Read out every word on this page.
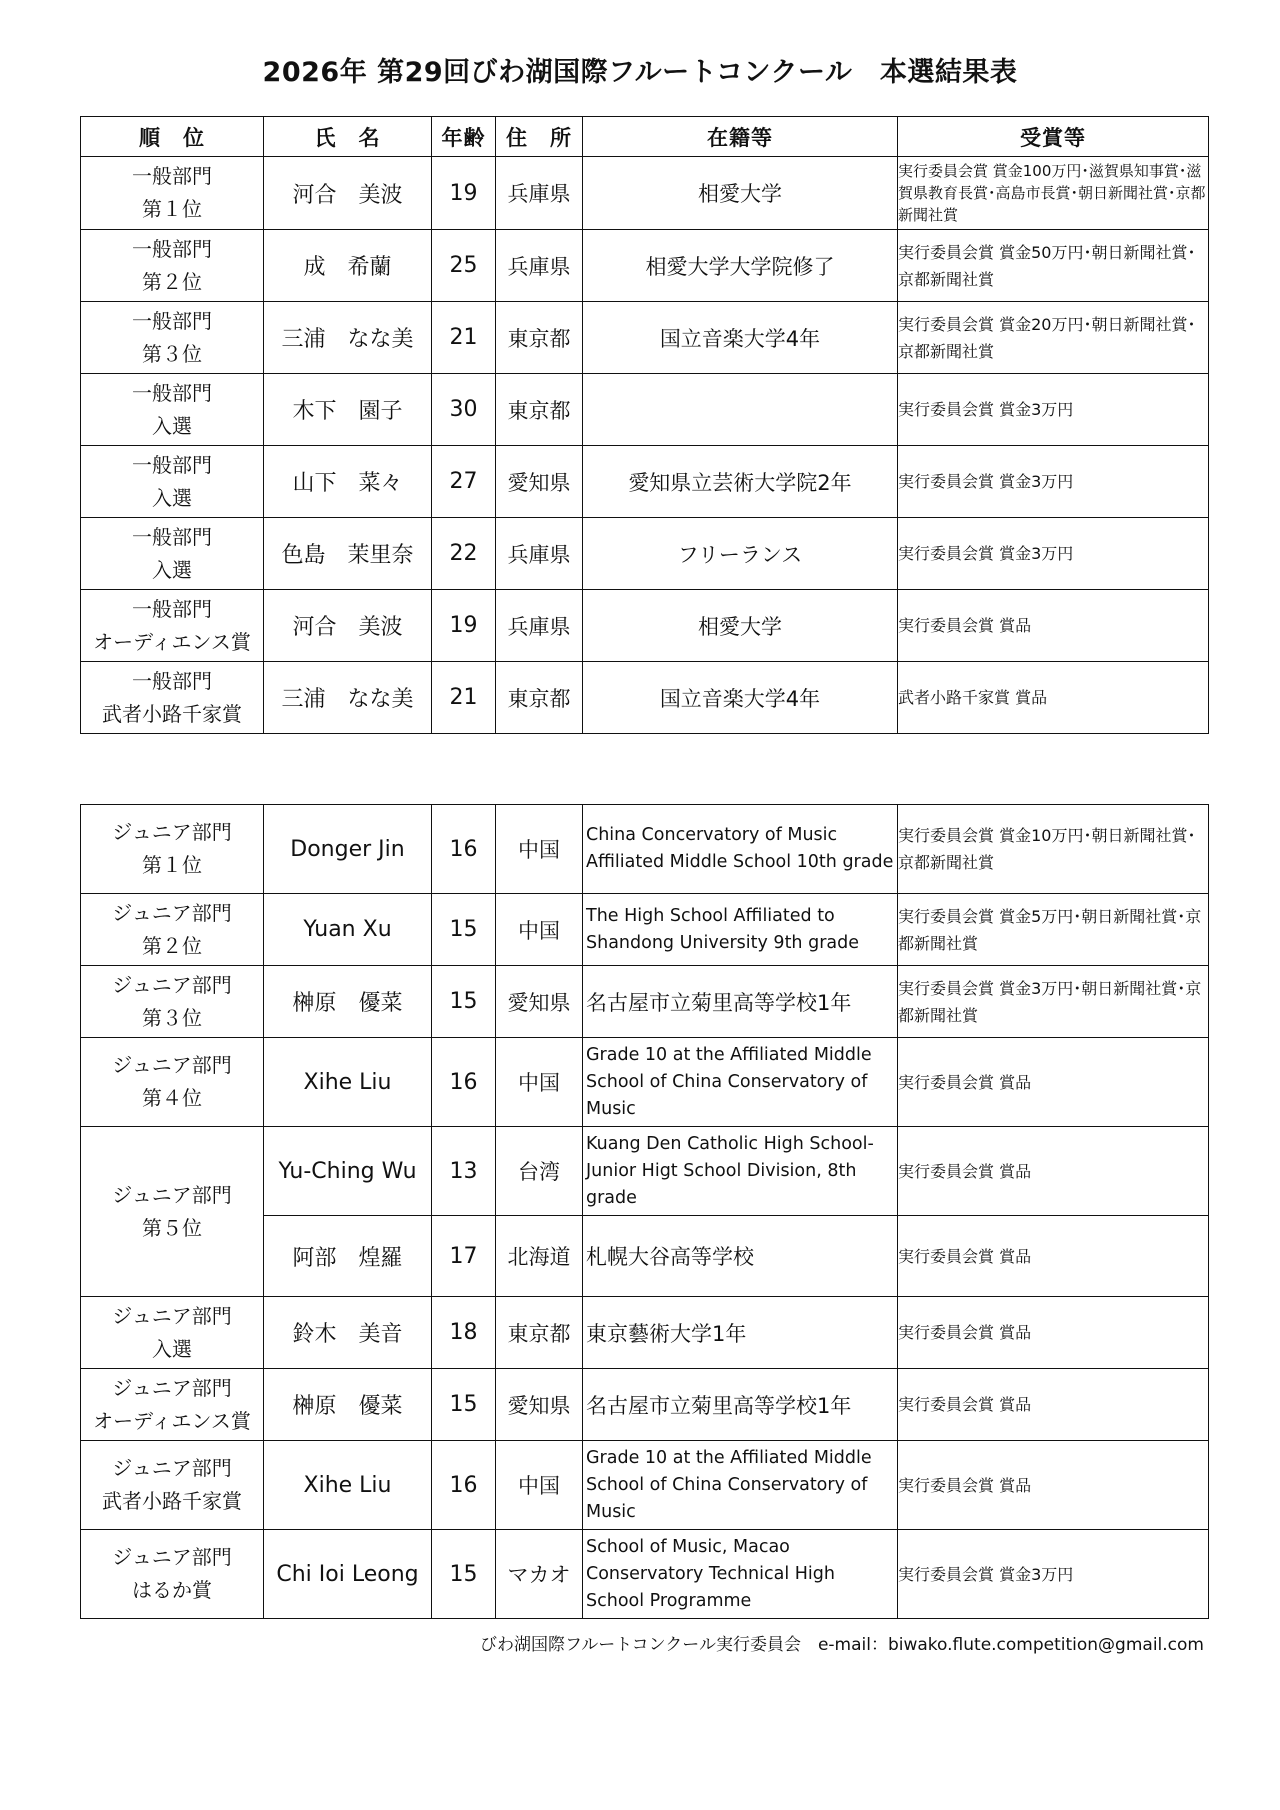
2026年 第29回びわ湖国際フルートコンクール　本選結果表
順　位	氏　名	年齢	住　所	在籍等	受賞等

一般部門
第１位	河合　美波	19	兵庫県	相愛大学	実行委員会賞 賞金100万円･滋賀県知事賞･滋賀県教育長賞･高島市長賞･朝日新聞社賞･京都新聞社賞

一般部門
第２位	成　希蘭	25	兵庫県	相愛大学大学院修了	実行委員会賞 賞金50万円･朝日新聞社賞･京都新聞社賞

一般部門
第３位	三浦　なな美	21	東京都	国立音楽大学4年	実行委員会賞 賞金20万円･朝日新聞社賞･京都新聞社賞

一般部門
入選	木下　園子	30	東京都		実行委員会賞 賞金3万円

一般部門
入選	山下　菜々	27	愛知県	愛知県立芸術大学院2年	実行委員会賞 賞金3万円

一般部門
入選	色島　茉里奈	22	兵庫県	フリーランス	実行委員会賞 賞金3万円

一般部門
オーディエンス賞	河合　美波	19	兵庫県	相愛大学	実行委員会賞 賞品

一般部門
武者小路千家賞	三浦　なな美	21	東京都	国立音楽大学4年	武者小路千家賞 賞品
ジュニア部門
第１位	Donger Jin	16	中国	China Concervatory of Music Affiliated Middle School 10th grade	実行委員会賞 賞金10万円･朝日新聞社賞･京都新聞社賞

ジュニア部門
第２位	Yuan Xu	15	中国	The High School Affiliated to Shandong University 9th grade	実行委員会賞 賞金5万円･朝日新聞社賞･京都新聞社賞

ジュニア部門
第３位	榊原　優菜	15	愛知県	名古屋市立菊里高等学校1年	実行委員会賞 賞金3万円･朝日新聞社賞･京都新聞社賞

ジュニア部門
第４位	Xihe Liu	16	中国	Grade 10 at the Affiliated Middle School of China Conservatory of Music	実行委員会賞 賞品

ジュニア部門
第５位	Yu-Ching Wu	13	台湾	Kuang Den Catholic High School-Junior Higt School Division, 8th grade	実行委員会賞 賞品
	阿部　煌羅	17	北海道	札幌大谷高等学校	実行委員会賞 賞品

ジュニア部門
入選	鈴木　美音	18	東京都	東京藝術大学1年	実行委員会賞 賞品

ジュニア部門
オーディエンス賞	榊原　優菜	15	愛知県	名古屋市立菊里高等学校1年	実行委員会賞 賞品

ジュニア部門
武者小路千家賞	Xihe Liu	16	中国	Grade 10 at the Affiliated Middle School of China Conservatory of Music	実行委員会賞 賞品

ジュニア部門
はるか賞	Chi Ioi Leong	15	マカオ	School of Music, Macao Conservatory Technical High School Programme	実行委員会賞 賞金3万円
びわ湖国際フルートコンクール実行委員会　e-mail：biwako.flute.competition@gmail.com
